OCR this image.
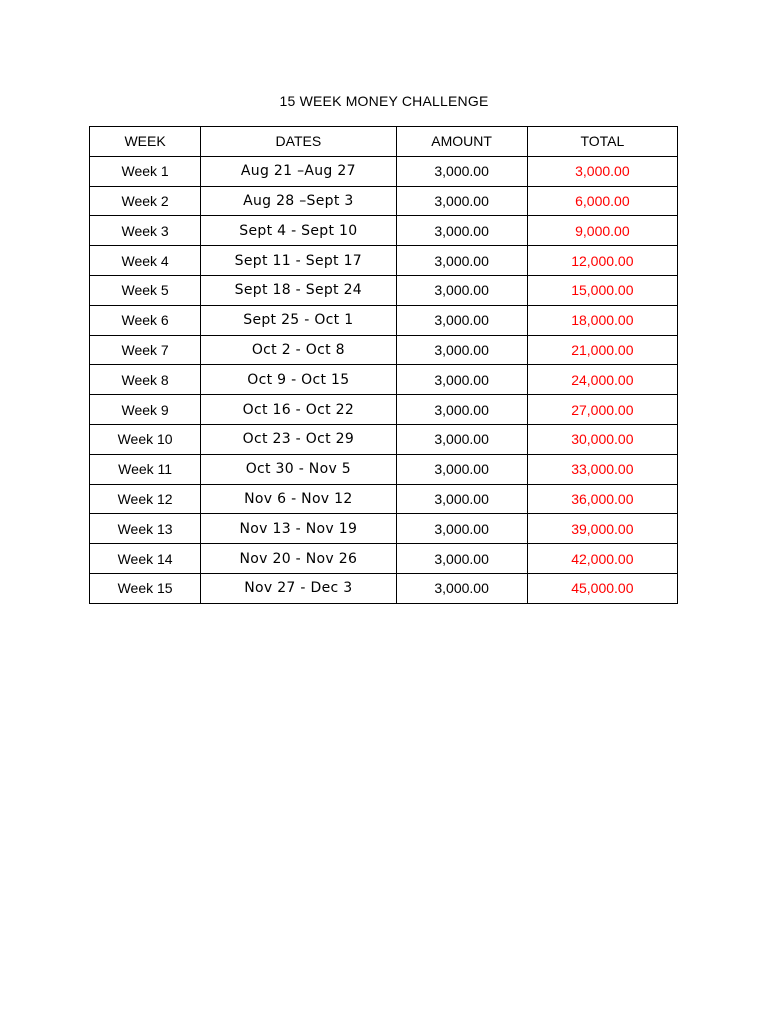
15 WEEK MONEY CHALLENGE
WEEK	DATES	AMOUNT	TOTAL
Week 1	Aug 21 –Aug 27	3,000.00	3,000.00
Week 2	Aug 28 –Sept 3	3,000.00	6,000.00
Week 3	Sept 4 - Sept 10	3,000.00	9,000.00
Week 4	Sept 11 - Sept 17	3,000.00	12,000.00
Week 5	Sept 18 - Sept 24	3,000.00	15,000.00
Week 6	Sept 25 - Oct 1	3,000.00	18,000.00
Week 7	Oct 2 - Oct 8	3,000.00	21,000.00
Week 8	Oct 9 - Oct 15	3,000.00	24,000.00
Week 9	Oct 16 - Oct 22	3,000.00	27,000.00
Week 10	Oct 23 - Oct 29	3,000.00	30,000.00
Week 11	Oct 30 - Nov 5	3,000.00	33,000.00
Week 12	Nov 6 - Nov 12	3,000.00	36,000.00
Week 13	Nov 13 - Nov 19	3,000.00	39,000.00
Week 14	Nov 20 - Nov 26	3,000.00	42,000.00
Week 15	Nov 27 - Dec 3	3,000.00	45,000.00
